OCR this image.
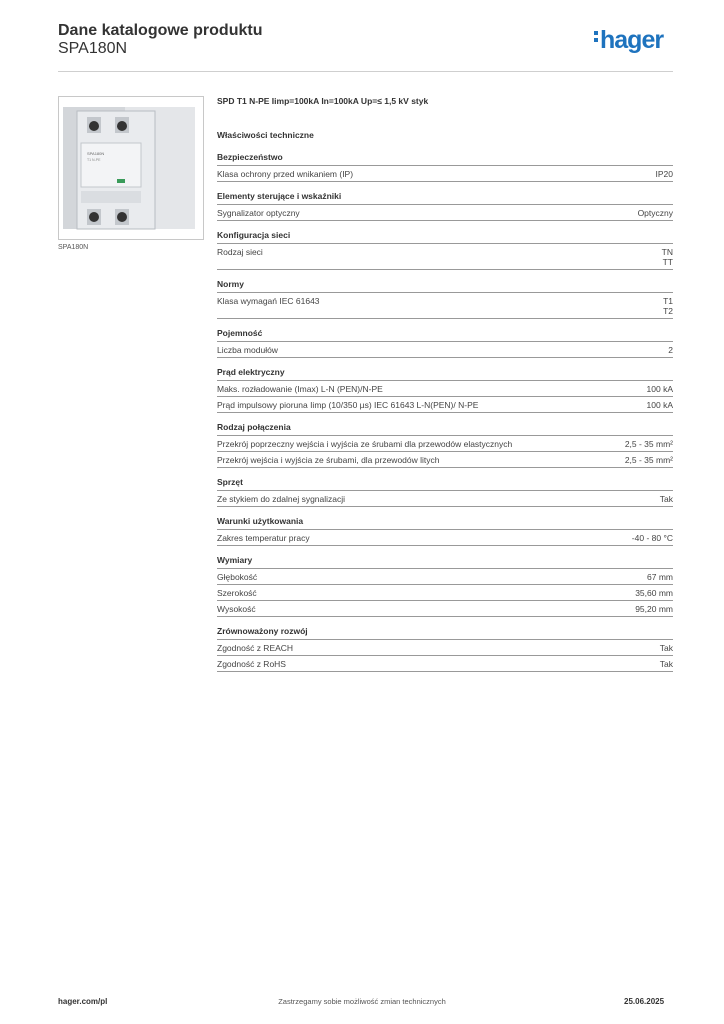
Dane katalogowe produktu
SPA180N	hager
SPA180N
T1 N-PE
SPA180N
SPD T1 N-PE Iimp=100kA In=100kA Up=≤ 1,5 kV styk
Właściwości techniczne
Bezpieczeństwo
Klasa ochrony przed wnikaniem (IP)	IP20
Elementy sterujące i wskaźniki
Sygnalizator optyczny	Optyczny
Konfiguracja sieci
Rodzaj sieci	TN
TT
Normy
Klasa wymagań IEC 61643	T1
T2
Pojemność
Liczba modułów	2
Prąd elektryczny
Maks. rozładowanie (Imax) L-N (PEN)/N-PE	100 kA
Prąd impulsowy pioruna Iimp (10/350 µs) IEC 61643 L-N(PEN)/ N-PE	100 kA
Rodzaj połączenia
Przekrój poprzeczny wejścia i wyjścia ze śrubami dla przewodów elastycznych	2,5 - 35 mm²
Przekrój wejścia i wyjścia ze śrubami, dla przewodów litych	2,5 - 35 mm²
Sprzęt
Ze stykiem do zdalnej sygnalizacji	Tak
Warunki użytkowania
Zakres temperatur pracy	-40 - 80 °C
Wymiary
Głębokość	67 mm
Szerokość	35,60 mm
Wysokość	95,20 mm
Zrównoważony rozwój
Zgodność z REACH	Tak
Zgodność z RoHS	Tak
hager.com/pl	Zastrzegamy sobie możliwość zmian technicznych	25.06.2025
